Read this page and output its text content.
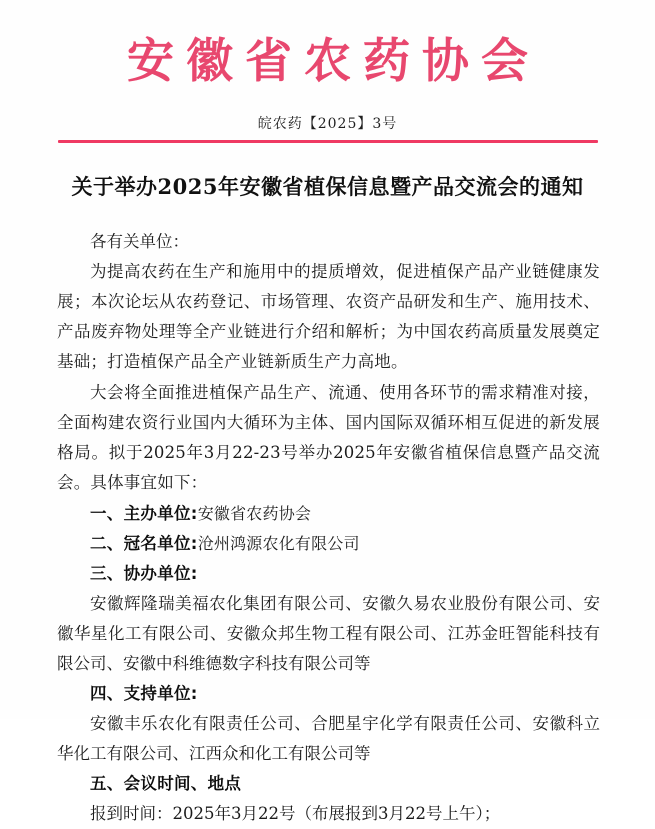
安徽省农药协会
皖农药【2025】3号
关于举办2025年安徽省植保信息暨产品交流会的通知

各有关单位：

为提高农药在生产和施用中的提质增效，促进植保产品产业链健康发展；本次论坛从农药登记、市场管理、农资产品研发和生产、施用技术、产品废弃物处理等全产业链进行介绍和解析；为中国农药高质量发展奠定基础；打造植保产品全产业链新质生产力高地。

大会将全面推进植保产品生产、流通、使用各环节的需求精准对接，全面构建农资行业国内大循环为主体、国内国际双循环相互促进的新发展格局。拟于2025年3月22-23号举办2025年安徽省植保信息暨产品交流会。具体事宜如下：

一、主办单位:安徽省农药协会

二、冠名单位:沧州鸿源农化有限公司

三、协办单位:

安徽辉隆瑞美福农化集团有限公司、安徽久易农业股份有限公司、安徽华星化工有限公司、安徽众邦生物工程有限公司、江苏金旺智能科技有限公司、安徽中科维德数字科技有限公司等

四、支持单位:

安徽丰乐农化有限责任公司、合肥星宇化学有限责任公司、安徽科立华化工有限公司、江西众和化工有限公司等

五、会议时间、地点

报到时间：2025年3月22号（布展报到3月22号上午）；
